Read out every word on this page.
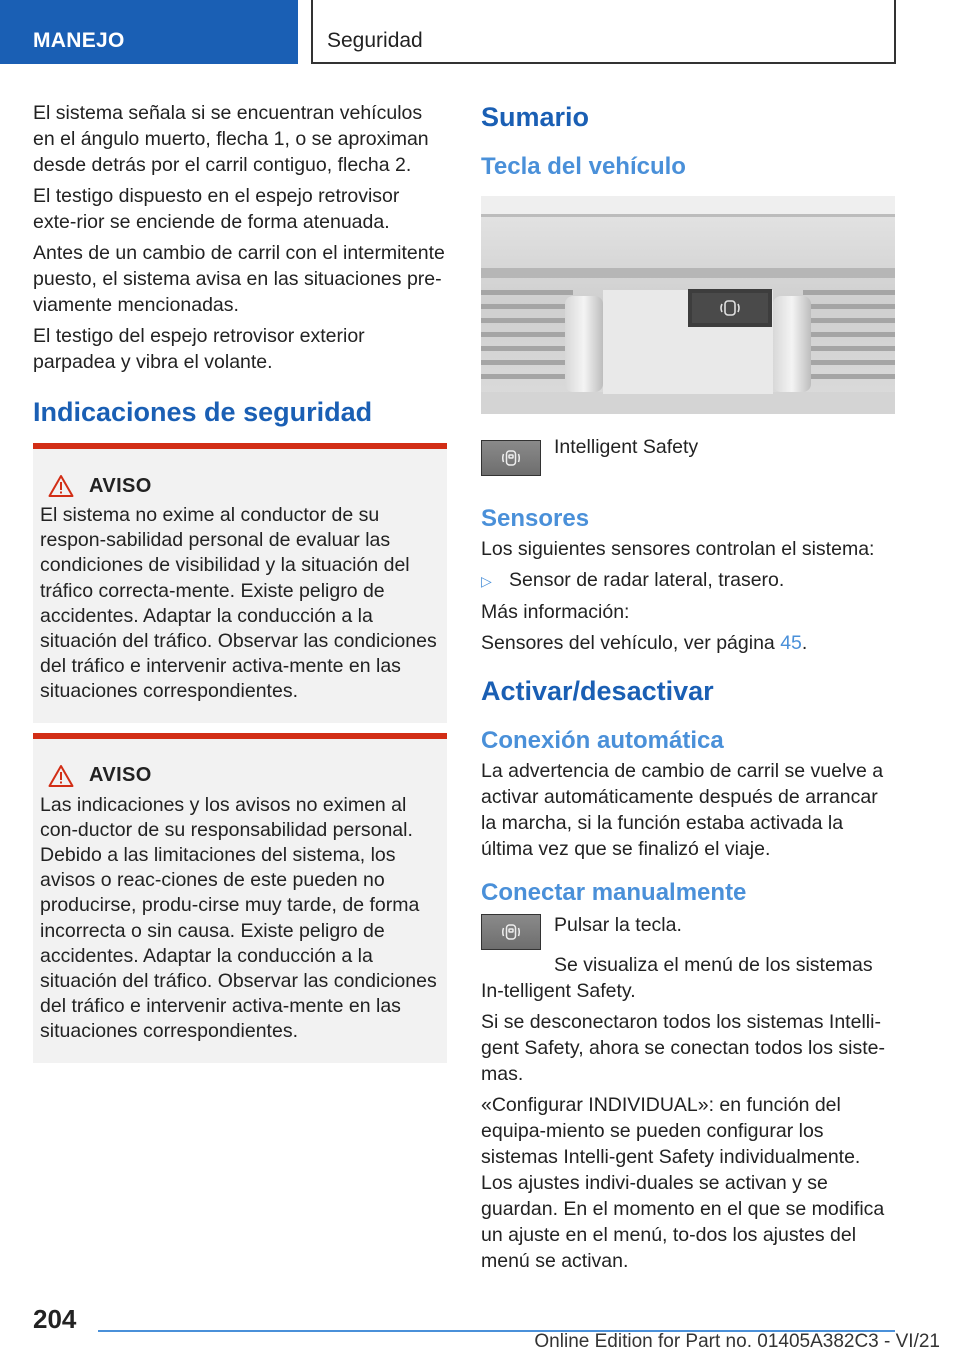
MANEJO	Seguridad

El sistema señala si se encuentran vehículos en el ángulo muerto, flecha 1, o se aproximan desde detrás por el carril contiguo, flecha 2.

El testigo dispuesto en el espejo retrovisor exte-rior se enciende de forma atenuada.

Antes de un cambio de carril con el intermitente puesto, el sistema avisa en las situaciones pre-viamente mencionadas.

El testigo del espejo retrovisor exterior parpadea y vibra el volante.

Indicaciones de seguridad
AVISO

El sistema no exime al conductor de su respon-sabilidad personal de evaluar las condiciones de visibilidad y la situación del tráfico correcta-mente. Existe peligro de accidentes. Adaptar la conducción a la situación del tráfico. Observar las condiciones del tráfico e intervenir activa-mente en las situaciones correspondientes.

AVISO

Las indicaciones y los avisos no eximen al con-ductor de su responsabilidad personal. Debido a las limitaciones del sistema, los avisos o reac-ciones de este pueden no producirse, produ-cirse muy tarde, de forma incorrecta o sin causa. Existe peligro de accidentes. Adaptar la conducción a la situación del tráfico. Observar las condiciones del tráfico e intervenir activa-mente en las situaciones correspondientes.

Sumario
Tecla del vehículo
Intelligent Safety
Sensores

Los siguientes sensores controlan el sistema:

▷ Sensor de radar lateral, trasero.

Más información:

Sensores del vehículo, ver página 45.

Activar/desactivar
Conexión automática

La advertencia de cambio de carril se vuelve a activar automáticamente después de arrancar la marcha, si la función estaba activada la última vez que se finalizó el viaje.

Conectar manualmente

Pulsar la tecla.

Se visualiza el menú de los sistemas In-telligent Safety.

Si se desconectaron todos los sistemas Intelli-gent Safety, ahora se conectan todos los siste-mas.

«Configurar INDIVIDUAL»: en función del equipa-miento se pueden configurar los sistemas Intelli-gent Safety individualmente. Los ajustes indivi-duales se activan y se guardan. En el momento en el que se modifica un ajuste en el menú, to-dos los ajustes del menú se activan.

204
Online Edition for Part no. 01405A382C3 - VI/21
